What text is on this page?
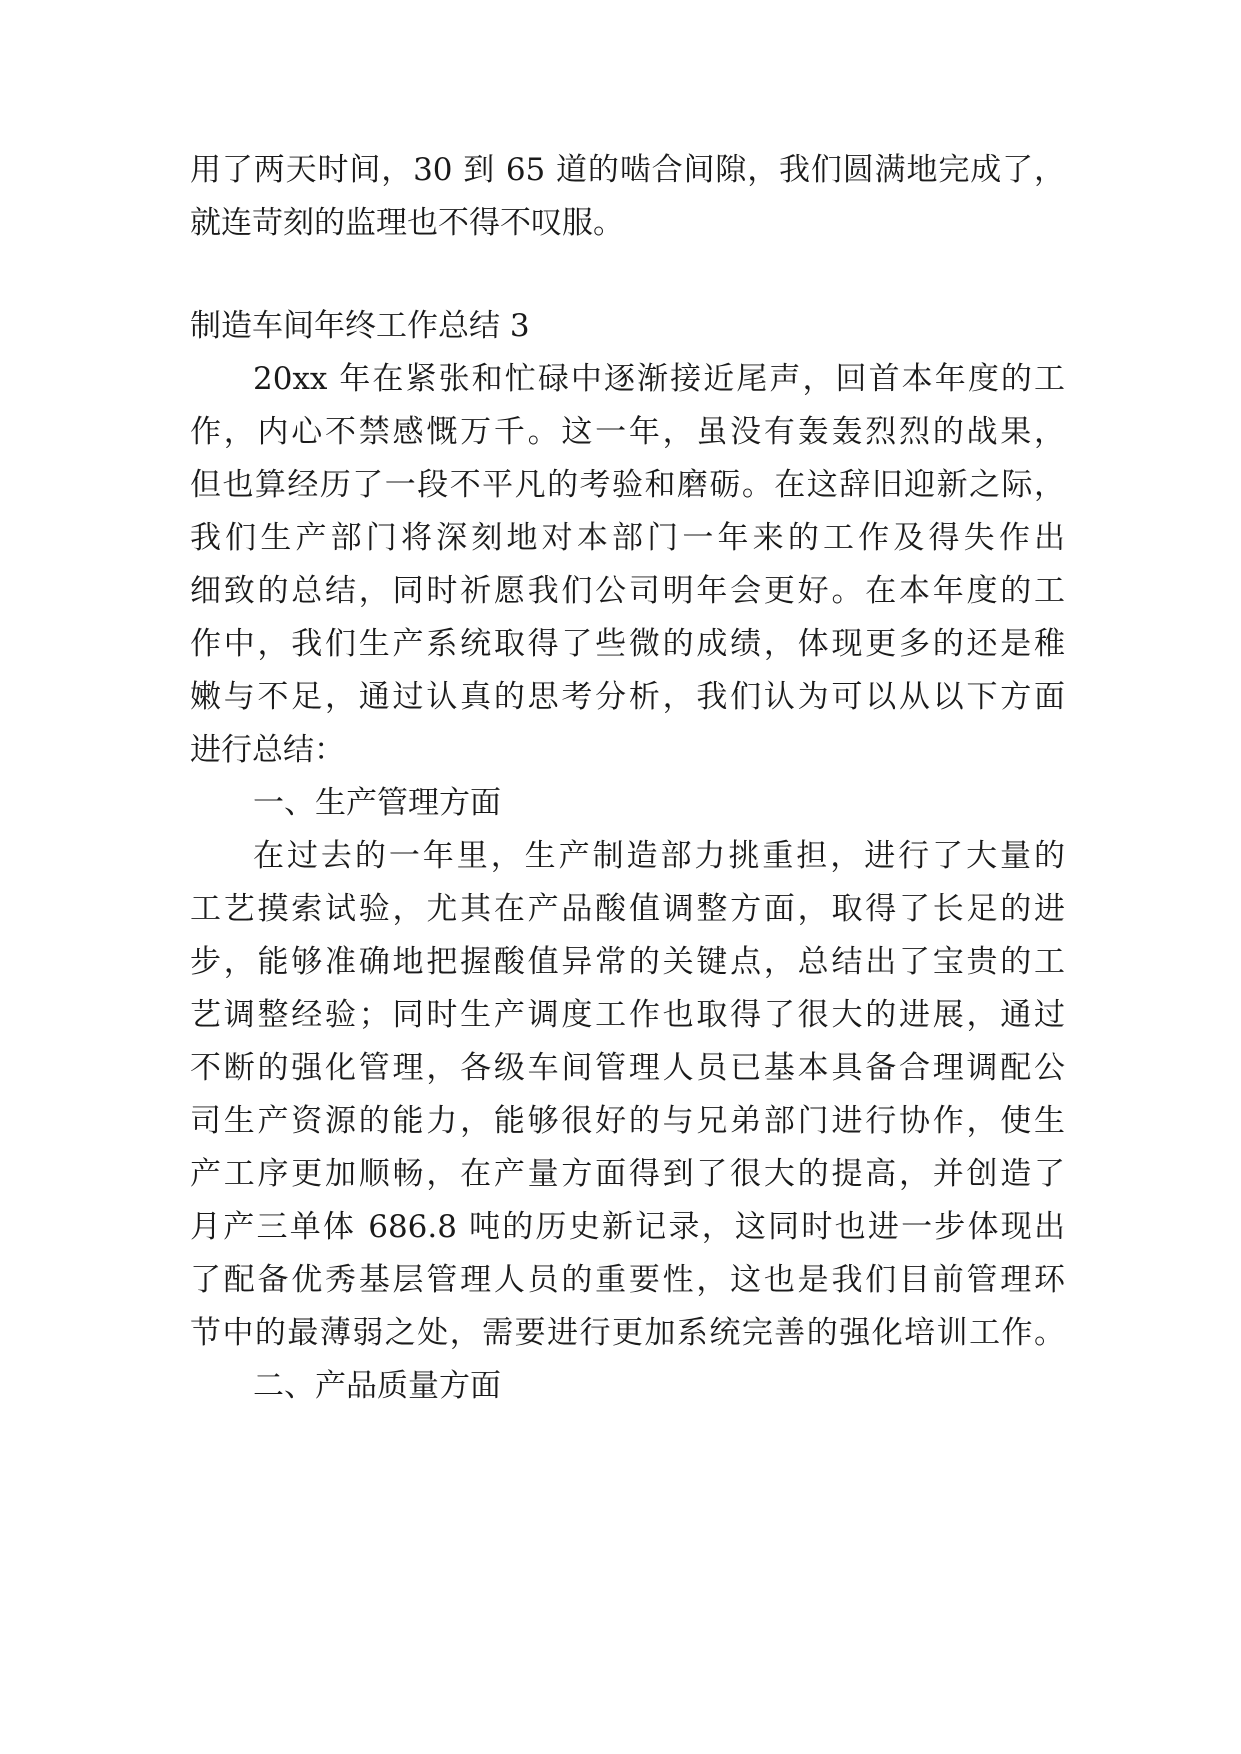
用了两天时间，30 到 65 道的啮合间隙，我们圆满地完成了，

就连苛刻的监理也不得不叹服。

制造车间年终工作总结 3

20xx 年在紧张和忙碌中逐渐接近尾声，回首本年度的工

作，内心不禁感慨万千。这一年，虽没有轰轰烈烈的战果，

但也算经历了一段不平凡的考验和磨砺。在这辞旧迎新之际，

我们生产部门将深刻地对本部门一年来的工作及得失作出

细致的总结，同时祈愿我们公司明年会更好。在本年度的工

作中，我们生产系统取得了些微的成绩，体现更多的还是稚

嫩与不足，通过认真的思考分析，我们认为可以从以下方面

进行总结：

一、生产管理方面

在过去的一年里，生产制造部力挑重担，进行了大量的

工艺摸索试验，尤其在产品酸值调整方面，取得了长足的进

步，能够准确地把握酸值异常的关键点，总结出了宝贵的工

艺调整经验；同时生产调度工作也取得了很大的进展，通过

不断的强化管理，各级车间管理人员已基本具备合理调配公

司生产资源的能力，能够很好的与兄弟部门进行协作，使生

产工序更加顺畅，在产量方面得到了很大的提高，并创造了

月产三单体 686.8 吨的历史新记录，这同时也进一步体现出

了配备优秀基层管理人员的重要性，这也是我们目前管理环

节中的最薄弱之处，需要进行更加系统完善的强化培训工作。

二、产品质量方面
